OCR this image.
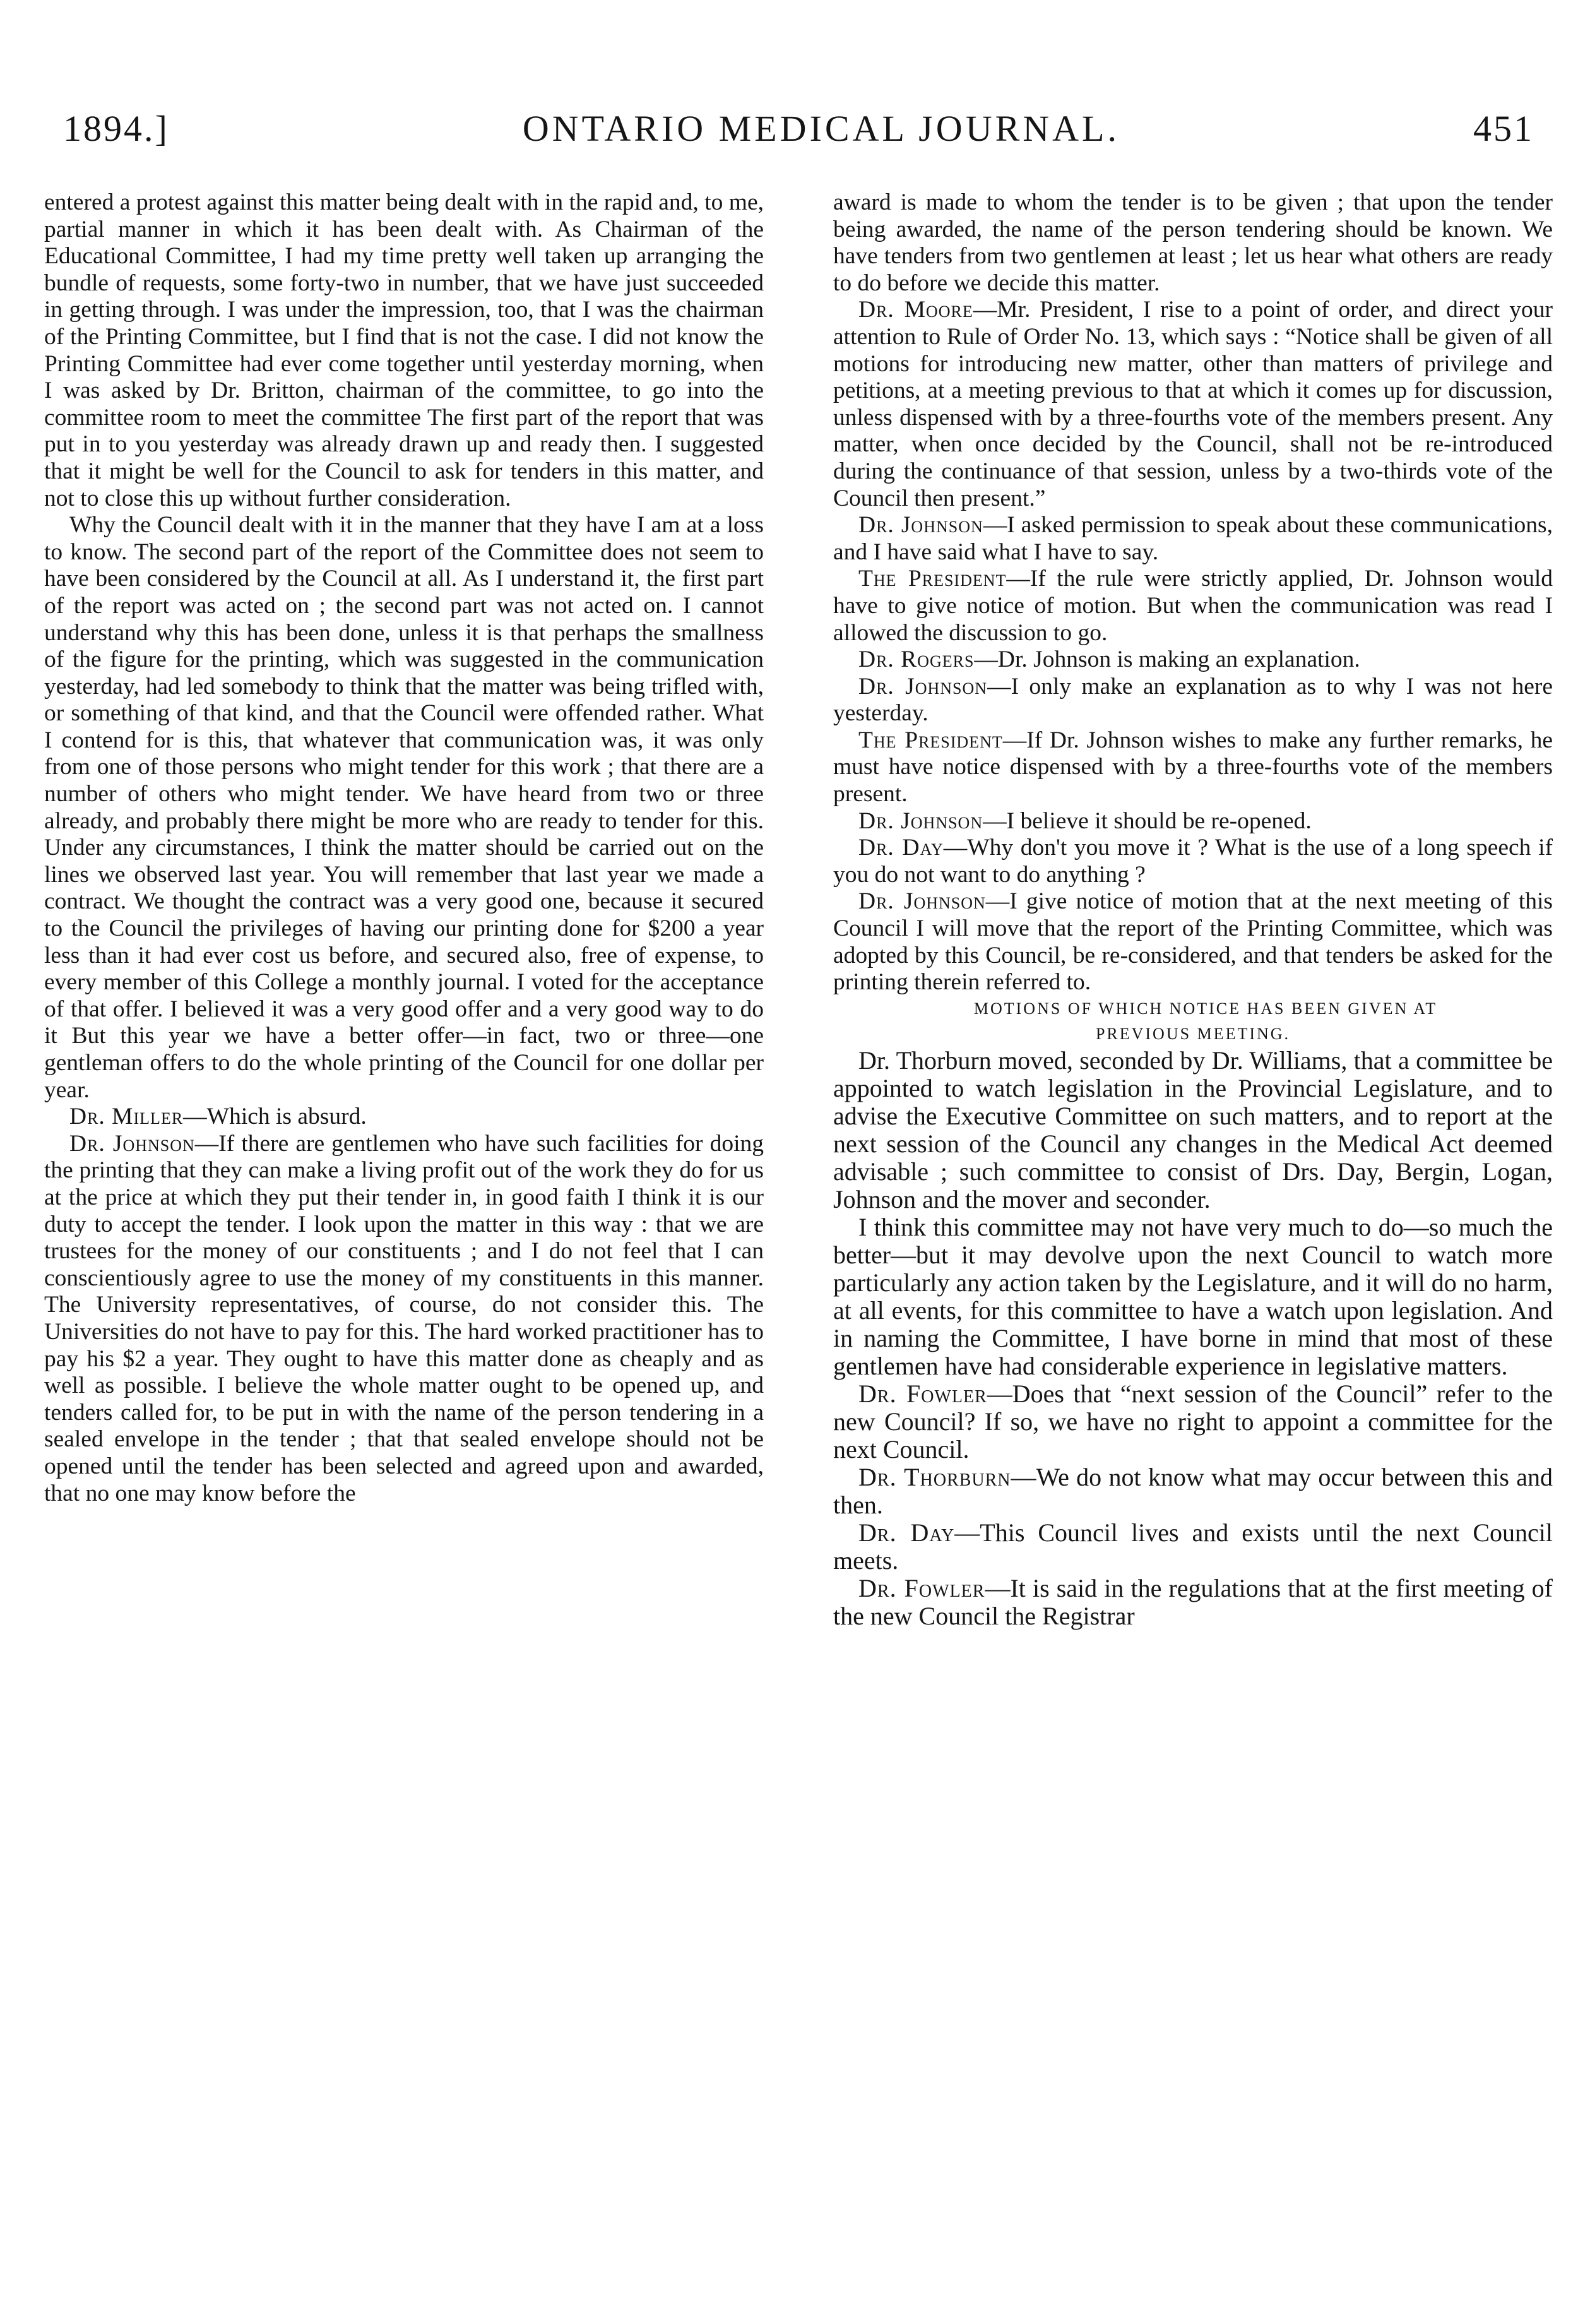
1894.]	ONTARIO MEDICAL JOURNAL.	451

entered a protest against this matter being dealt with in the rapid and, to me, partial manner in which it has been dealt with. As Chairman of the Educational Committee, I had my time pretty well taken up arranging the bundle of requests, some forty-two in number, that we have just succeeded in getting through. I was under the impression, too, that I was the chairman of the Printing Committee, but I find that is not the case. I did not know the Printing Committee had ever come together until yesterday morning, when I was asked by Dr. Britton, chairman of the committee, to go into the committee room to meet the committee The first part of the report that was put in to you yesterday was already drawn up and ready then. I suggested that it might be well for the Council to ask for tenders in this matter, and not to close this up without further consideration.

Why the Council dealt with it in the manner that they have I am at a loss to know. The second part of the report of the Committee does not seem to have been considered by the Council at all. As I understand it, the first part of the report was acted on ; the second part was not acted on. I cannot understand why this has been done, unless it is that perhaps the smallness of the figure for the printing, which was suggested in the communication yesterday, had led somebody to think that the matter was being trifled with, or something of that kind, and that the Council were offended rather. What I contend for is this, that whatever that communication was, it was only from one of those persons who might tender for this work ; that there are a number of others who might tender. We have heard from two or three already, and probably there might be more who are ready to tender for this. Under any circumstances, I think the matter should be carried out on the lines we observed last year. You will remember that last year we made a contract. We thought the contract was a very good one, because it secured to the Council the privileges of having our printing done for $200 a year less than it had ever cost us before, and secured also, free of expense, to every member of this College a monthly journal. I voted for the acceptance of that offer. I believed it was a very good offer and a very good way to do it But this year we have a better offer—in fact, two or three—one gentleman offers to do the whole printing of the Council for one dollar per year.

Dr. Miller—Which is absurd.

Dr. Johnson—If there are gentlemen who have such facilities for doing the printing that they can make a living profit out of the work they do for us at the price at which they put their tender in, in good faith I think it is our duty to accept the tender. I look upon the matter in this way : that we are trustees for the money of our constituents ; and I do not feel that I can conscientiously agree to use the money of my constituents in this manner. The University representatives, of course, do not consider this. The Universities do not have to pay for this. The hard worked practitioner has to pay his $2 a year. They ought to have this matter done as cheaply and as well as possible. I believe the whole matter ought to be opened up, and tenders called for, to be put in with the name of the person tendering in a sealed envelope in the tender ; that that sealed envelope should not be opened until the tender has been selected and agreed upon and awarded, that no one may know before the

award is made to whom the tender is to be given ; that upon the tender being awarded, the name of the person tendering should be known. We have tenders from two gentlemen at least ; let us hear what others are ready to do before we decide this matter.

Dr. Moore—Mr. President, I rise to a point of order, and direct your attention to Rule of Order No. 13, which says : “Notice shall be given of all motions for introducing new matter, other than matters of privilege and petitions, at a meeting previous to that at which it comes up for discussion, unless dispensed with by a three-fourths vote of the members present. Any matter, when once decided by the Council, shall not be re-introduced during the continuance of that session, unless by a two-thirds vote of the Council then present.”

Dr. Johnson—I asked permission to speak about these communications, and I have said what I have to say.

The President—If the rule were strictly applied, Dr. Johnson would have to give notice of motion. But when the communication was read I allowed the discussion to go.

Dr. Rogers—Dr. Johnson is making an explanation.

Dr. Johnson—I only make an explanation as to why I was not here yesterday.

The President—If Dr. Johnson wishes to make any further remarks, he must have notice dispensed with by a three-fourths vote of the members present.

Dr. Johnson—I believe it should be re-opened.

Dr. Day—Why don't you move it ? What is the use of a long speech if you do not want to do anything ?

Dr. Johnson—I give notice of motion that at the next meeting of this Council I will move that the report of the Printing Committee, which was adopted by this Council, be re-considered, and that tenders be asked for the printing therein referred to.

MOTIONS OF WHICH NOTICE HAS BEEN GIVEN AT
PREVIOUS MEETING.

Dr. Thorburn moved, seconded by Dr. Williams, that a committee be appointed to watch legislation in the Provincial Legislature, and to advise the Executive Committee on such matters, and to report at the next session of the Council any changes in the Medical Act deemed advisable ; such committee to consist of Drs. Day, Bergin, Logan, Johnson and the mover and seconder.

I think this committee may not have very much to do—so much the better—but it may devolve upon the next Council to watch more particularly any action taken by the Legislature, and it will do no harm, at all events, for this committee to have a watch upon legislation. And in naming the Committee, I have borne in mind that most of these gentlemen have had considerable experience in legislative matters.

Dr. Fowler—Does that “next session of the Council” refer to the new Council? If so, we have no right to appoint a committee for the next Council.

Dr. Thorburn—We do not know what may occur between this and then.

Dr. Day—This Council lives and exists until the next Council meets.

Dr. Fowler—It is said in the regulations that at the first meeting of the new Council the Registrar
